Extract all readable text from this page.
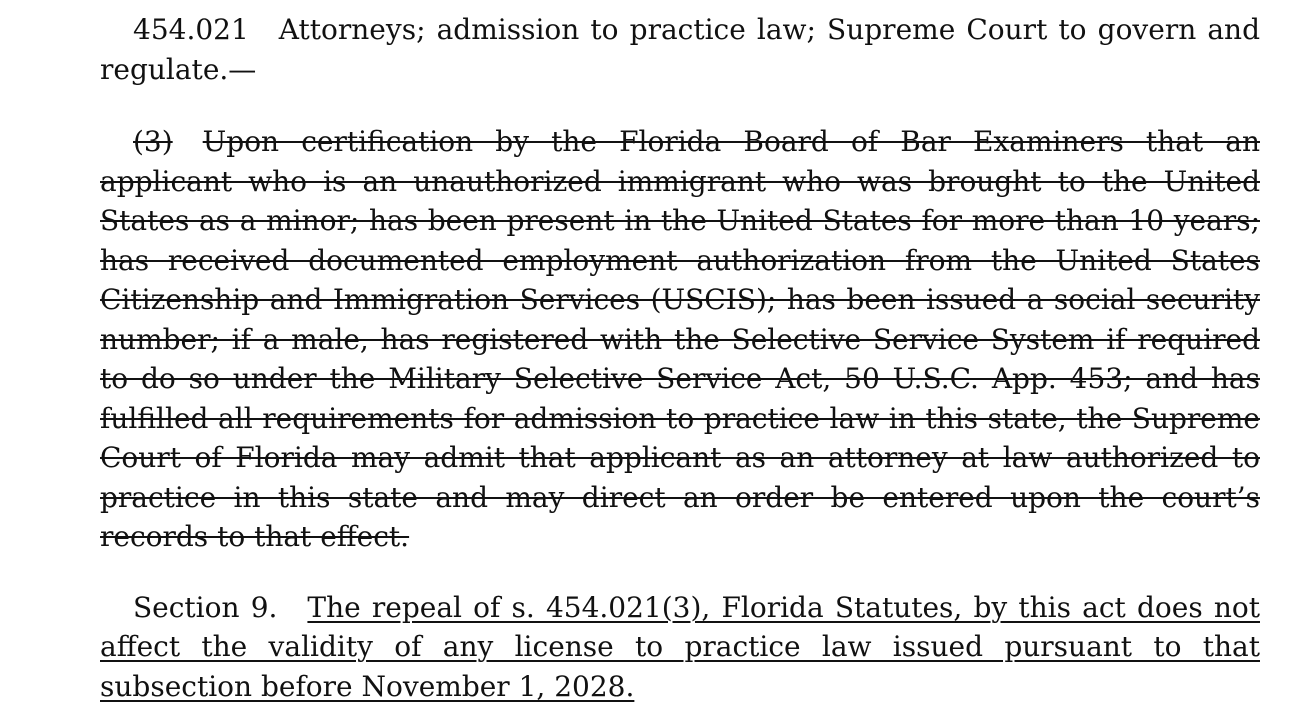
454.021 Attorneys; admission to practice law; Supreme Court to govern and regulate.—

(3) Upon certification by the Florida Board of Bar Examiners that an applicant who is an unauthorized immigrant who was brought to the United States as a minor; has been present in the United States for more than 10 years; has received documented employment authorization from the United States Citizenship and Immigration Services (USCIS); has been issued a social security number; if a male, has registered with the Selective Service System if required to do so under the Military Selective Service Act, 50 U.S.C. App. 453; and has fulfilled all requirements for admission to practice law in this state, the Supreme Court of Florida may admit that applicant as an attorney at law authorized to practice in this state and may direct an order be entered upon the court’s records to that effect.

Section 9. The repeal of s. 454.021(3), Florida Statutes, by this act does not affect the validity of any license to practice law issued pursuant to that subsection before November 1, 2028.
